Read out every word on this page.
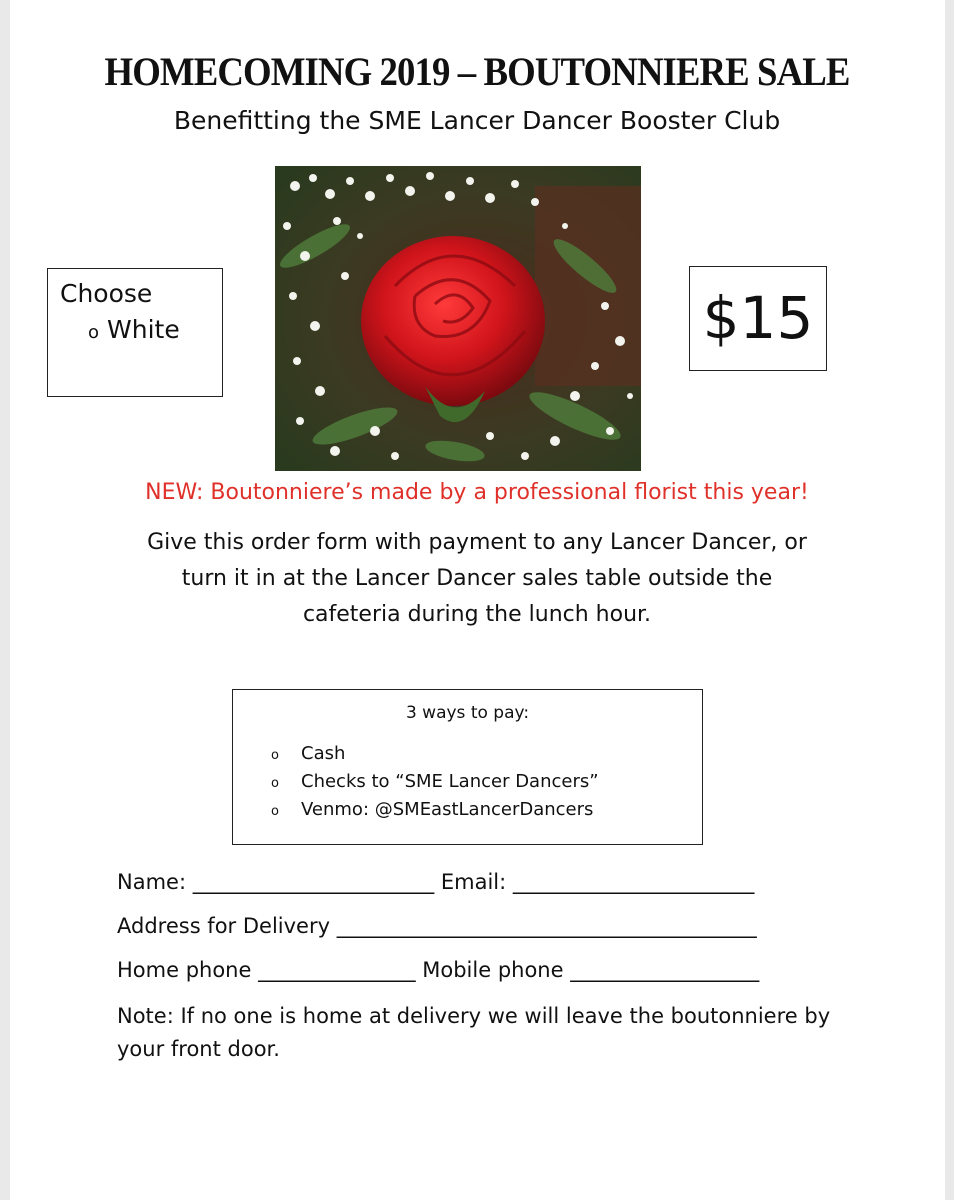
HOMECOMING 2019 – BOUTONNIERE SALE
Benefitting the SME Lancer Dancer Booster Club
Choose
o White	$15
NEW: Boutonniere’s made by a professional florist this year!
Give this order form with payment to any Lancer Dancer, or
turn it in at the Lancer Dancer sales table outside the
cafeteria during the lunch hour.
3 ways to pay:
o Cash
o Checks to “SME Lancer Dancers”
o Venmo: @SMEastLancerDancers
Name: _______________________ Email: _______________________
Address for Delivery ________________________________________
Home phone _______________ Mobile phone __________________
Note: If no one is home at delivery we will leave the boutonniere by your front door.
